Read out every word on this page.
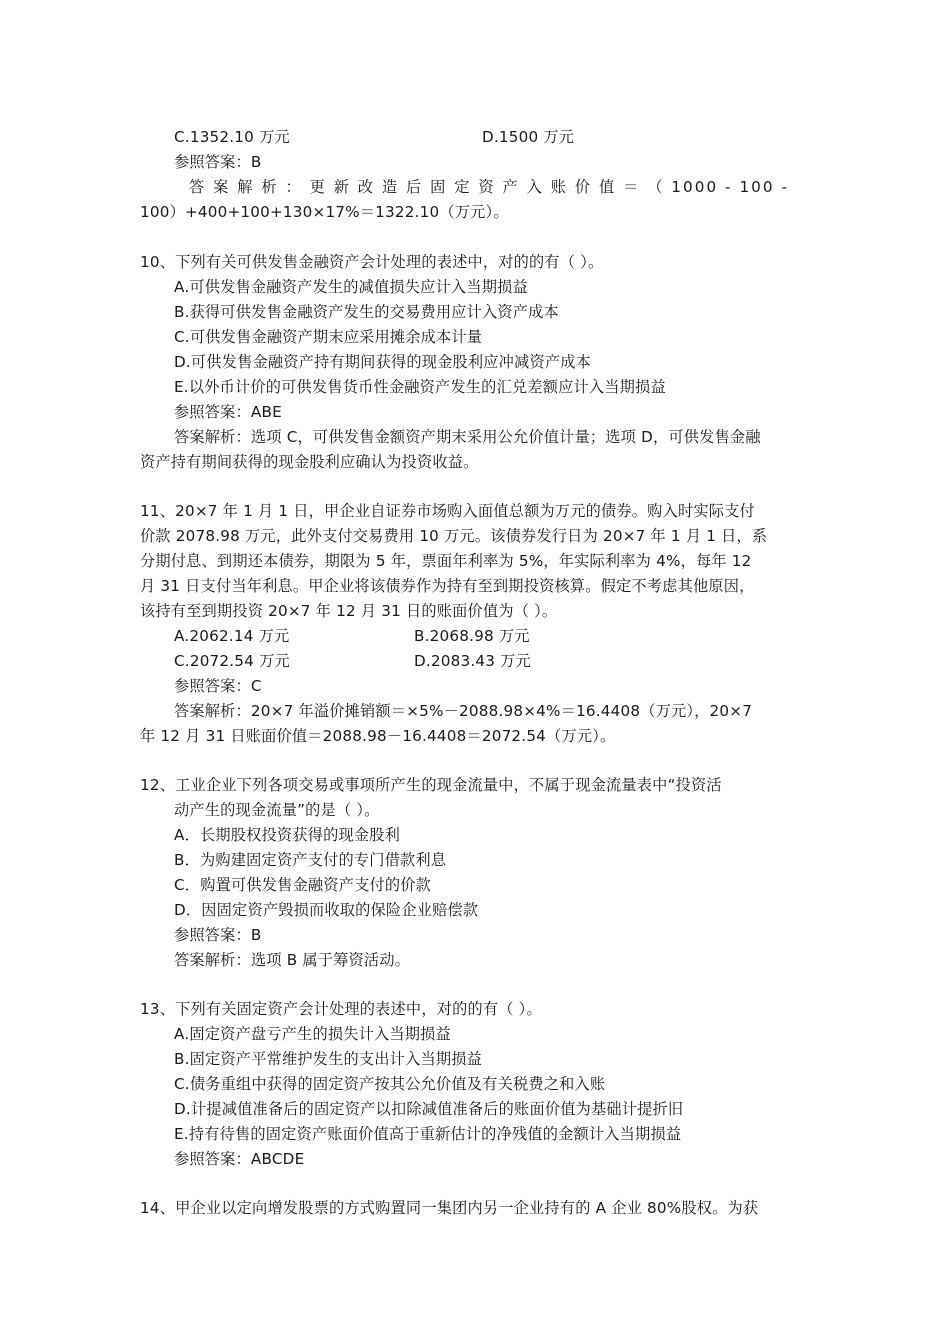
C.1352.10 万元	D.1500 万元
参照答案：B
答 案 解 析 ： 更 新 改 造 后 固 定 资 产 入 账 价 值 ＝ （ 1000 - 100 -
100）+400+100+130×17%＝1322.10（万元）。
10、下列有关可供发售金融资产会计处理的表述中，对的的有（ ）。
A.可供发售金融资产发生的减值损失应计入当期损益
B.获得可供发售金融资产发生的交易费用应计入资产成本
C.可供发售金融资产期末应采用摊余成本计量
D.可供发售金融资产持有期间获得的现金股利应冲减资产成本
E.以外币计价的可供发售货币性金融资产发生的汇兑差额应计入当期损益
参照答案：ABE
答案解析：选项 C，可供发售金额资产期末采用公允价值计量；选项 D，可供发售金融
资产持有期间获得的现金股利应确认为投资收益。
11、20×7 年 1 月 1 日，甲企业自证券市场购入面值总额为万元的债券。购入时实际支付
价款 2078.98 万元，此外支付交易费用 10 万元。该债券发行日为 20×7 年 1 月 1 日，系
分期付息、到期还本债券，期限为 5 年，票面年利率为 5%，年实际利率为 4%，每年 12
月 31 日支付当年利息。甲企业将该债券作为持有至到期投资核算。假定不考虑其他原因，
该持有至到期投资 20×7 年 12 月 31 日的账面价值为（ ）。
A.2062.14 万元	B.2068.98 万元
C.2072.54 万元	D.2083.43 万元
参照答案：C
答案解析：20×7 年溢价摊销额＝×5%－2088.98×4%＝16.4408（万元），20×7
年 12 月 31 日账面价值＝2088.98－16.4408＝2072.54（万元）。
12、工业企业下列各项交易或事项所产生的现金流量中，不属于现金流量表中“投资活
动产生的现金流量”的是（ ）。
A．长期股权投资获得的现金股利
B．为购建固定资产支付的专门借款利息
C．购置可供发售金融资产支付的价款
D．因固定资产毁损而收取的保险企业赔偿款
参照答案：B
答案解析：选项 B 属于筹资活动。
13、下列有关固定资产会计处理的表述中，对的的有（ ）。
A.固定资产盘亏产生的损失计入当期损益
B.固定资产平常维护发生的支出计入当期损益
C.债务重组中获得的固定资产按其公允价值及有关税费之和入账
D.计提减值准备后的固定资产以扣除减值准备后的账面价值为基础计提折旧
E.持有待售的固定资产账面价值高于重新估计的净残值的金额计入当期损益
参照答案：ABCDE
14、甲企业以定向增发股票的方式购置同一集团内另一企业持有的 A 企业 80%股权。为获
